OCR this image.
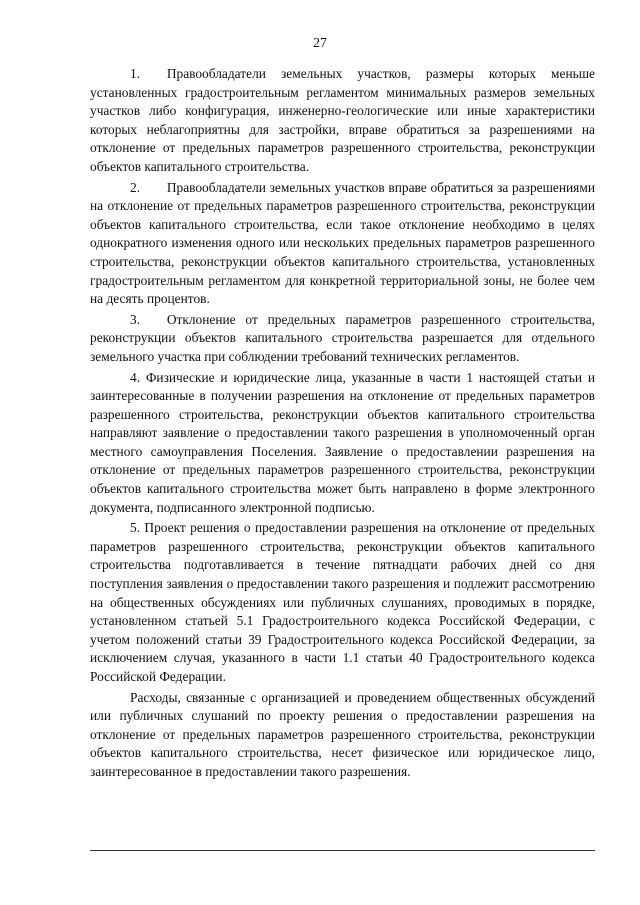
27

1.  Правообладатели земельных участков, размеры которых меньше установленных градостроительным регламентом минимальных размеров земельных участков либо конфигурация, инженерно-геологические или иные характеристики которых неблагоприятны для застройки, вправе обратиться за разрешениями на отклонение от предельных параметров разрешенного строительства, реконструкции объектов капитального строительства.

2.  Правообладатели земельных участков вправе обратиться за разрешениями на отклонение от предельных параметров разрешенного строительства, реконструкции объектов капитального строительства, если такое отклонение необходимо в целях однократного изменения одного или нескольких предельных параметров разрешенного строительства, реконструкции объектов капитального строительства, установленных градостроительным регламентом для конкретной территориальной зоны, не более чем на десять процентов.

3.  Отклонение от предельных параметров разрешенного строительства, реконструкции объектов капитального строительства разрешается для отдельного земельного участка при соблюдении требований технических регламентов.

4. Физические и юридические лица, указанные в части 1 настоящей статьи и заинтересованные в получении разрешения на отклонение от предельных параметров разрешенного строительства, реконструкции объектов капитального строительства направляют заявление о предоставлении такого разрешения в уполномоченный орган местного самоуправления Поселения. Заявление о предоставлении разрешения на отклонение от предельных параметров разрешенного строительства, реконструкции объектов капитального строительства может быть направлено в форме электронного документа, подписанного электронной подписью.

5. Проект решения о предоставлении разрешения на отклонение от предельных параметров разрешенного строительства, реконструкции объектов капитального строительства подготавливается в течение пятнадцати рабочих дней со дня поступления заявления о предоставлении такого разрешения и подлежит рассмотрению на общественных обсуждениях или публичных слушаниях, проводимых в порядке, установленном статьей 5.1 Градостроительного кодекса Российской Федерации, с учетом положений статьи 39 Градостроительного кодекса Российской Федерации, за исключением случая, указанного в части 1.1 статьи 40 Градостроительного кодекса Российской Федерации.

Расходы, связанные с организацией и проведением общественных обсуждений или публичных слушаний по проекту решения о предоставлении разрешения на отклонение от предельных параметров разрешенного строительства, реконструкции объектов капитального строительства, несет физическое или юридическое лицо, заинтересованное в предоставлении такого разрешения.
